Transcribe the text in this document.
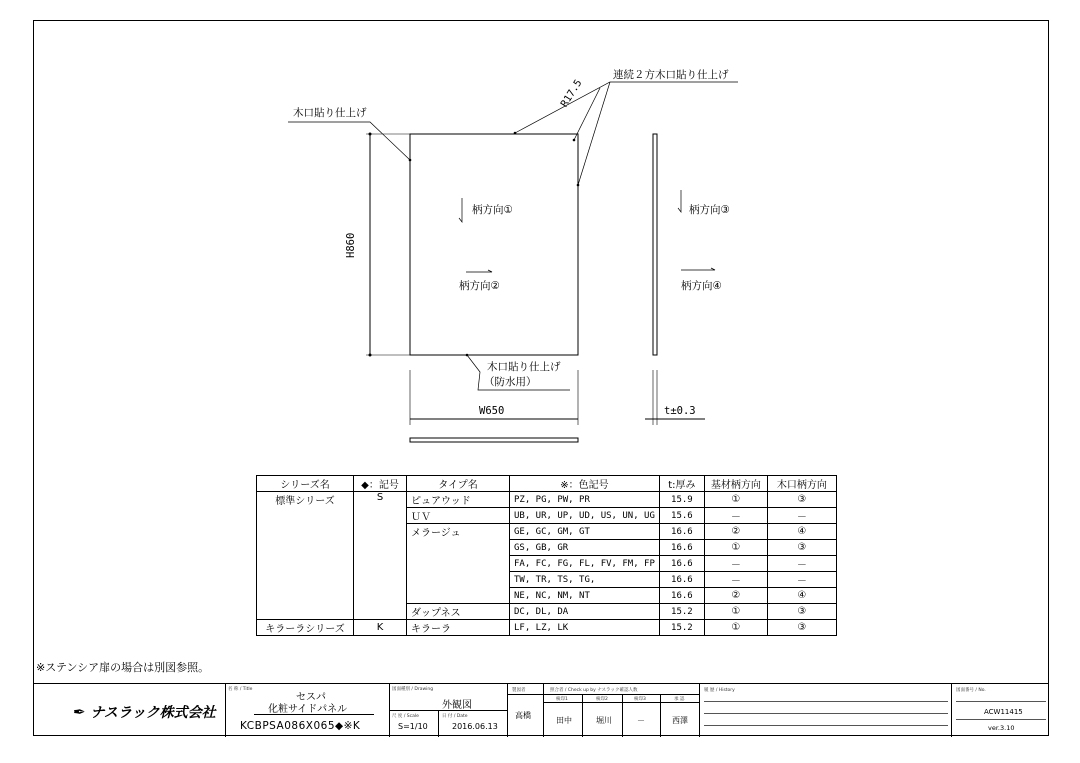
木口貼り仕上げ
連続２方木口貼り仕上げ
R17.5
木口貼り仕上げ
（防水用）
H860
W650	t±0.3
柄方向①
柄方向②
柄方向③
柄方向④
シリーズ名	◆：記号	タイプ名	※：色記号	t:厚み	基材柄方向	木口柄方向
標準シリーズ	S	ピュアウッド	PZ, PG, PW, PR	15.9	①	③
		ＵＶ	UB, UR, UP, UD, US, UN, UG	15.6	－	－
		メラージュ	GE, GC, GM, GT	16.6	②	④
			GS, GB, GR	16.6	①	③
			FA, FC, FG, FL, FV, FM, FP	16.6	－	－
			TW, TR, TS, TG,	16.6	－	－
			NE, NC, NM, NT	16.6	②	④
		ダップネス	DC, DL, DA	15.2	①	③
キラーラシリーズ	K	キラーラ	LF, LZ, LK	15.2	①	③
※ステンシア扉の場合は別図参照。
✒ ナスラック株式会社
名 称 / Title
セスパ
化粧サイドパネル
KCBPSA086X065◆※K
図面種別 / Drawing
外観図
尺 度 / Scale
S=1/10
日 付 / Date
2016.06.13
製図者
高橋
照合者 / Check up by ナスラック確認人数
検印1	検印2	検印3	承 認
田中	堀川	－	西澤
履 歴 / History	図面番号 / No.
ACW11415
ver.3.10
